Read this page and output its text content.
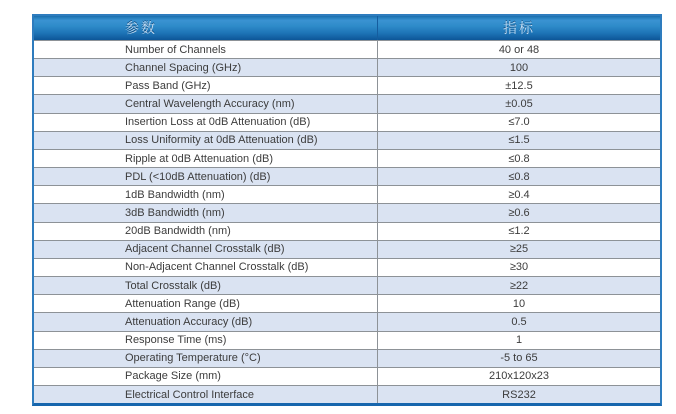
参数	指标
Number of Channels	40 or 48
Channel Spacing (GHz)	100
Pass Band (GHz)	±12.5
Central Wavelength Accuracy (nm)	±0.05
Insertion Loss at 0dB Attenuation (dB)	≤7.0
Loss Uniformity at 0dB Attenuation (dB)	≤1.5
Ripple at 0dB Attenuation (dB)	≤0.8
PDL (<10dB Attenuation) (dB)	≤0.8
1dB Bandwidth (nm)	≥0.4
3dB Bandwidth (nm)	≥0.6
20dB Bandwidth (nm)	≤1.2
Adjacent Channel Crosstalk (dB)	≥25
Non-Adjacent Channel Crosstalk (dB)	≥30
Total Crosstalk (dB)	≥22
Attenuation Range (dB)	10
Attenuation Accuracy (dB)	0.5
Response Time (ms)	1
Operating Temperature (°C)	-5 to 65
Package Size (mm)	210x120x23
Electrical Control Interface	RS232
